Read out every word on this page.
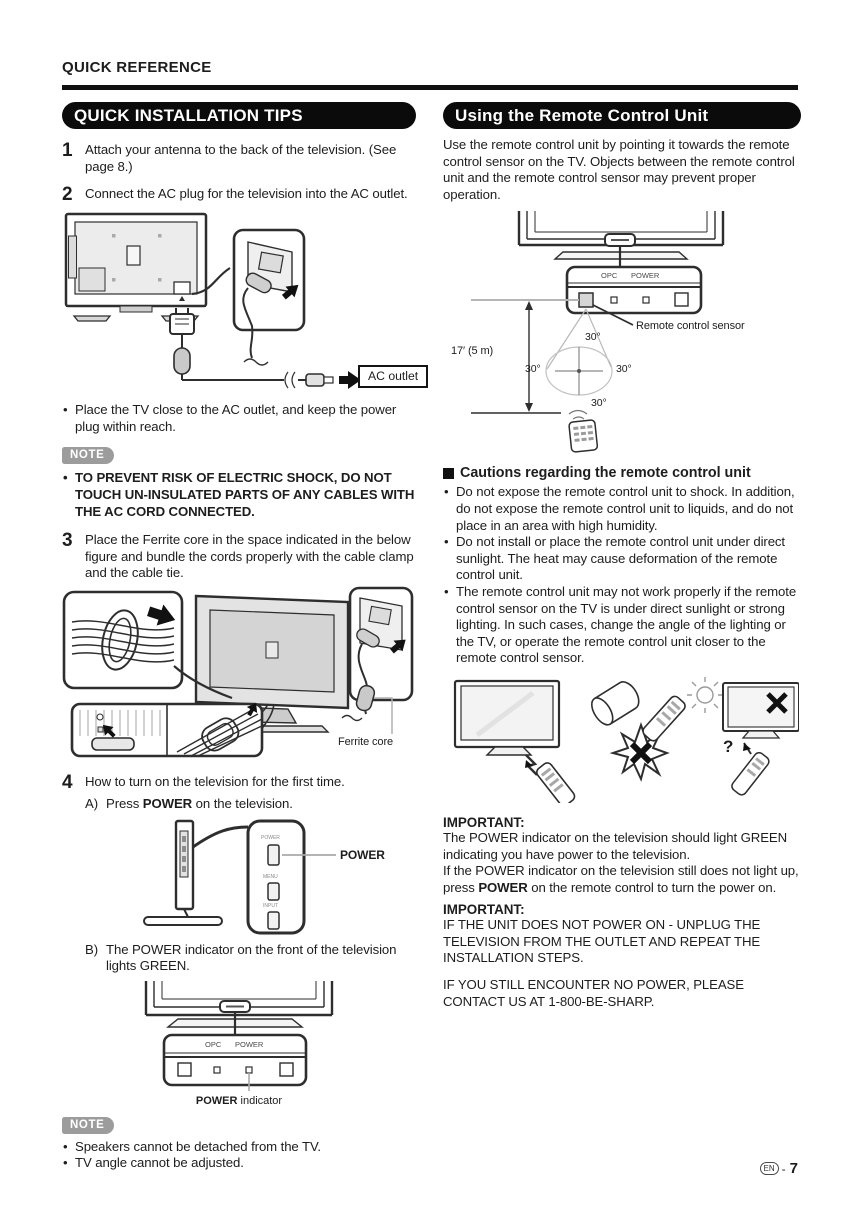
QUICK REFERENCE
QUICK INSTALLATION TIPS
1 Attach your antenna to the back of the television. (See page 8.)
2 Connect the AC plug for the television into the AC outlet.
AC outlet
• Place the TV close to the AC outlet, and keep the power plug within reach.
NOTE
• TO PREVENT RISK OF ELECTRIC SHOCK, DO NOT TOUCH UN-INSULATED PARTS OF ANY CABLES WITH THE AC CORD CONNECTED.
3 Place the Ferrite core in the space indicated in the below figure and bundle the cords properly with the cable clamp and the cable tie.
Ferrite core
4 How to turn on the television for the first time.
A) Press POWER on the television.
POWER
MENU
INPUT
POWER
B) The POWER indicator on the front of the television lights GREEN.
OPC POWER
POWER indicator
NOTE
• Speakers cannot be detached from the TV.
• TV angle cannot be adjusted.
Using the Remote Control Unit
Use the remote control unit by pointing it towards the remote control sensor on the TV. Objects between the remote control unit and the remote control sensor may prevent proper operation.
OPC POWER
Remote control sensor
17′ (5 m)
30°
30°	30°
30°
Cautions regarding the remote control unit
• Do not expose the remote control unit to shock. In addition, do not expose the remote control unit to liquids, and do not place in an area with high humidity.
• Do not install or place the remote control unit under direct sunlight. The heat may cause deformation of the remote control unit.
• The remote control unit may not work properly if the remote control sensor on the TV is under direct sunlight or strong lighting. In such cases, change the angle of the lighting or the TV, or operate the remote control unit closer to the remote control sensor.
?
IMPORTANT:
The POWER indicator on the television should light GREEN indicating you have power to the television.
If the POWER indicator on the television still does not light up, press POWER on the remote control to turn the power on.
IMPORTANT:
IF THE UNIT DOES NOT POWER ON - UNPLUG THE TELEVISION FROM THE OUTLET AND REPEAT THE INSTALLATION STEPS.
IF YOU STILL ENCOUNTER NO POWER, PLEASE CONTACT US AT 1-800-BE-SHARP.
EN - 7
